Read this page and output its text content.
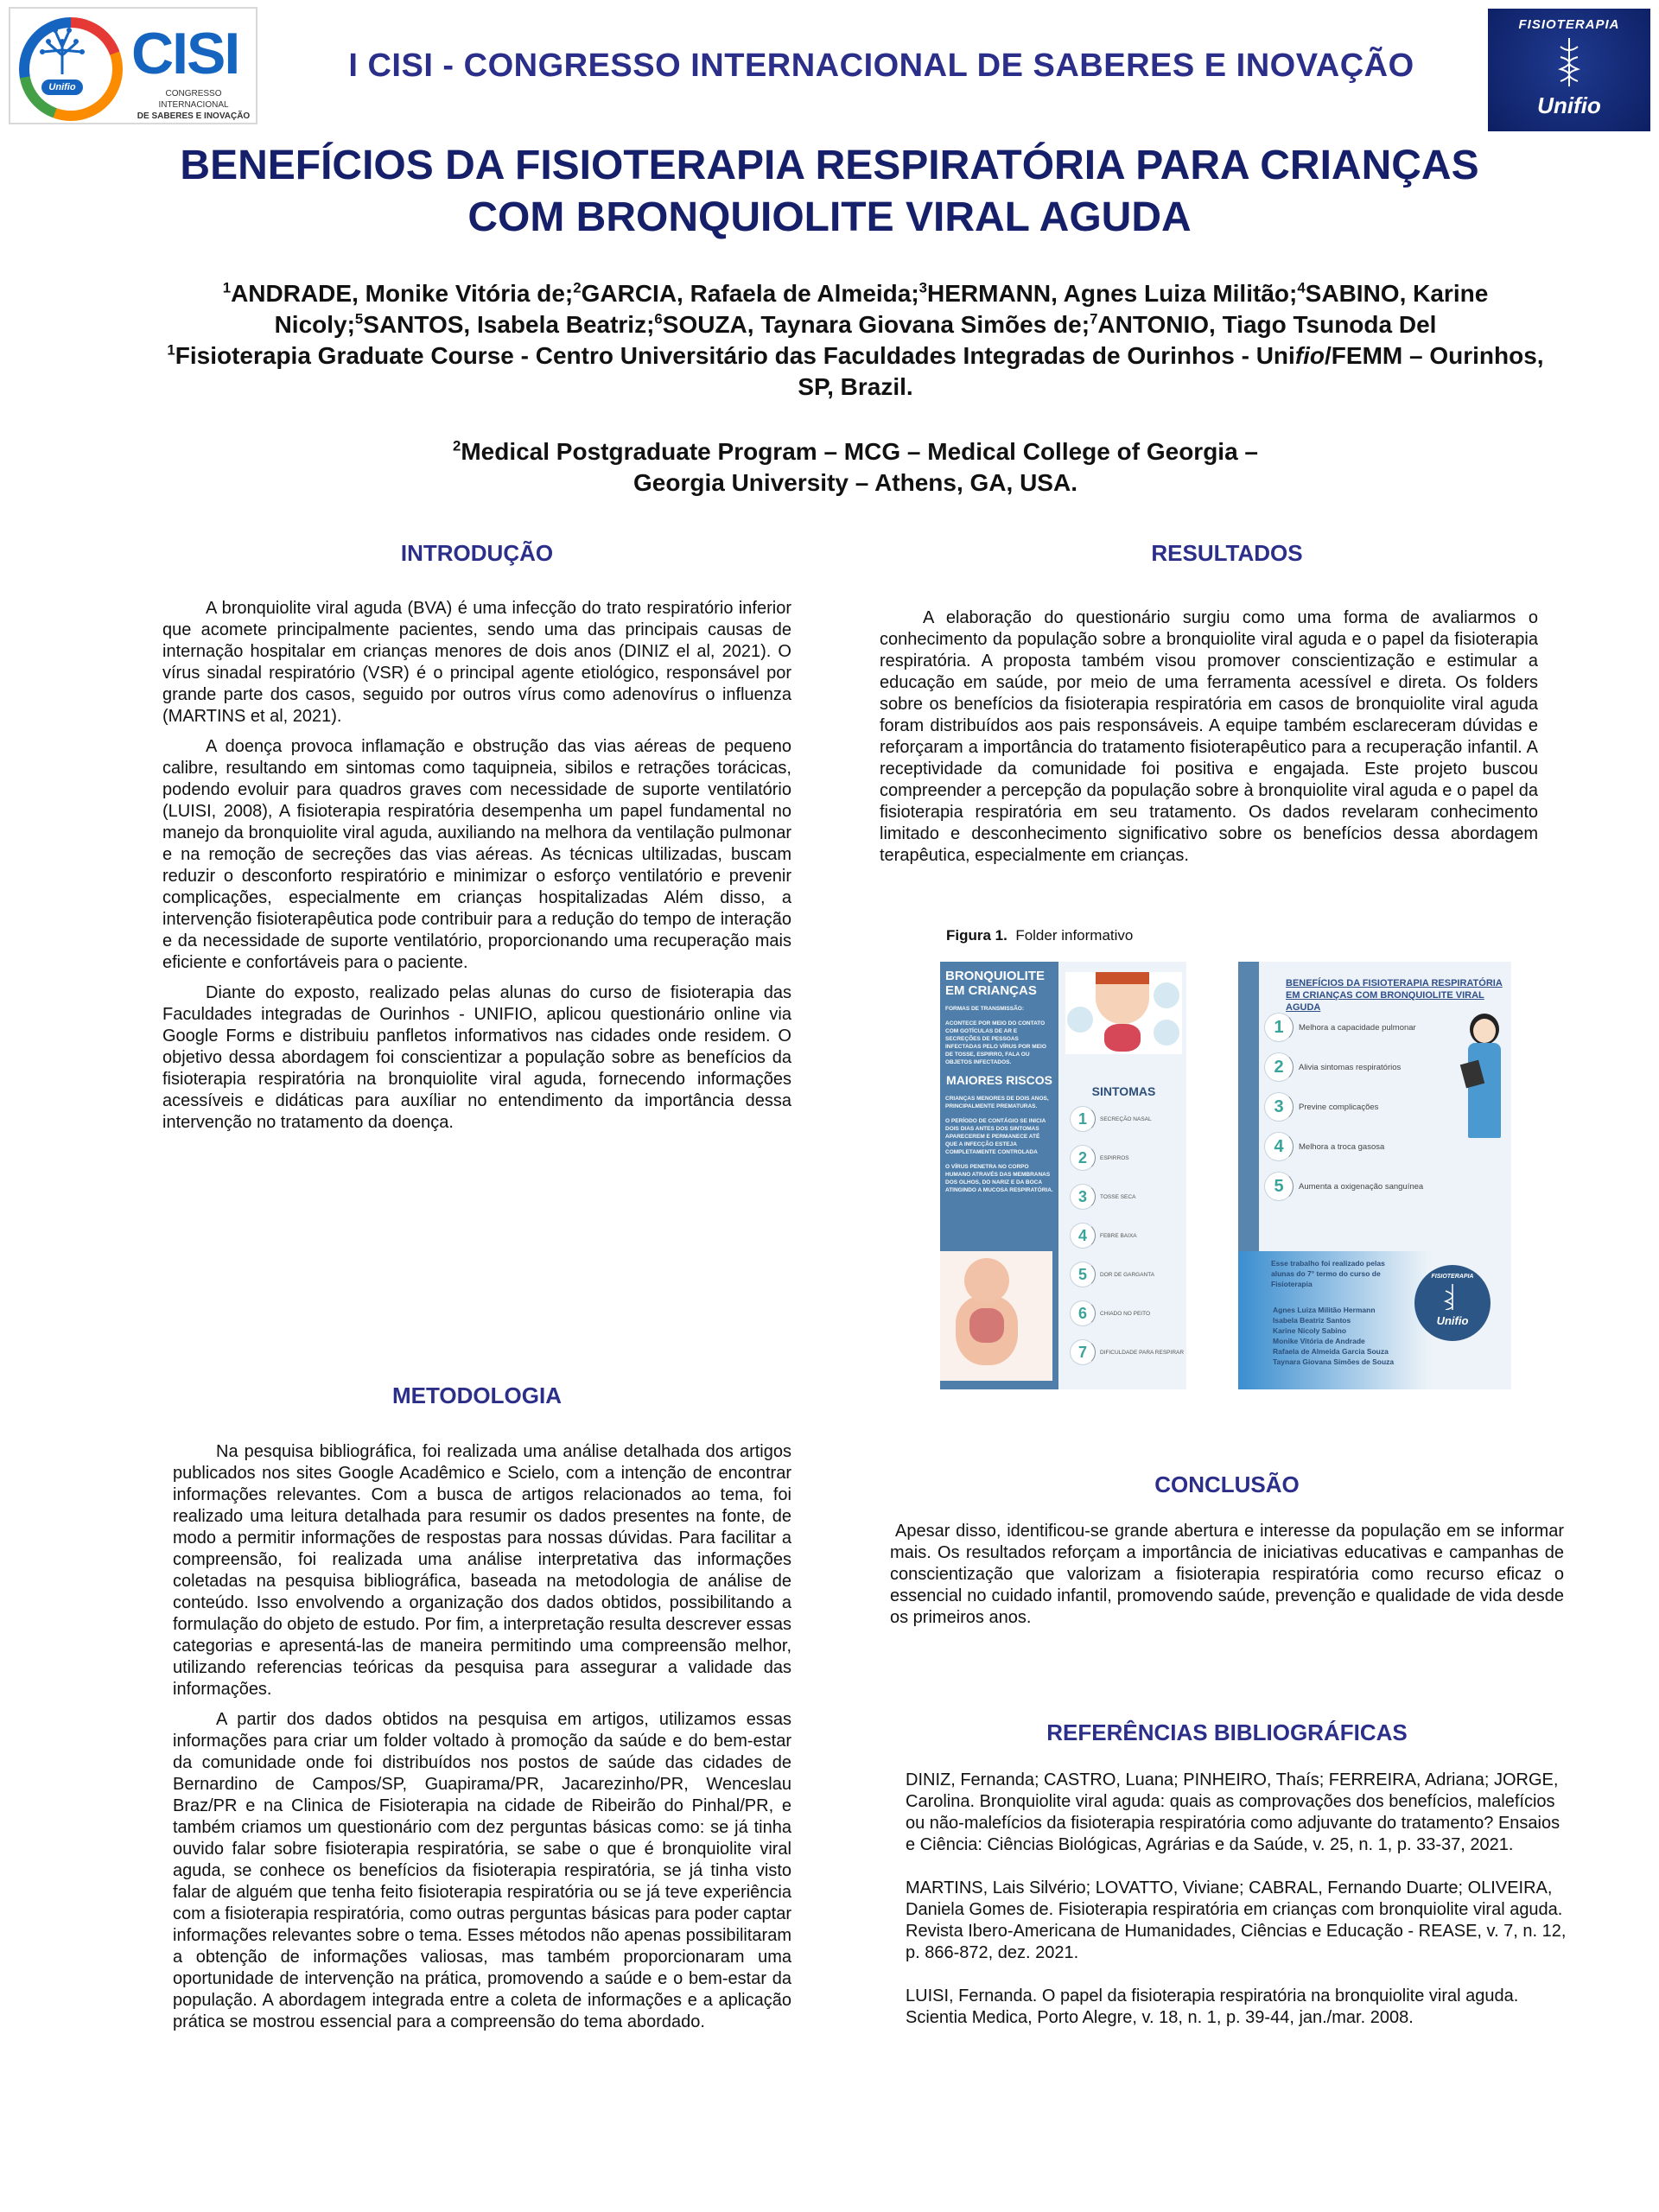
Unifio
CISI
CONGRESSO INTERNACIONAL
DE SABERES E INOVAÇÃO
I CISI - CONGRESSO INTERNACIONAL DE SABERES E INOVAÇÃO
FISIOTERAPIA
Unifio
BENEFÍCIOS DA FISIOTERAPIA RESPIRATÓRIA PARA CRIANÇAS
COM BRONQUIOLITE VIRAL AGUDA
$^1$ANDRADE, Monike Vitória de;$^2$GARCIA, Rafaela de Almeida;$^3$HERMANN, Agnes Luiza Militão;$^4$SABINO, Karine Nicoly;$^5$SANTOS, Isabela Beatriz;$^6$SOUZA, Taynara Giovana Simões de;$^7$ANTONIO, Tiago Tsunoda Del
$^1$Fisioterapia Graduate Course - Centro Universitário das Faculdades Integradas de Ourinhos - Unifio/FEMM – Ourinhos, SP, Brazil.
$^2$Medical Postgraduate Program – MCG – Medical College of Georgia –
Georgia University – Athens, GA, USA.
INTRODUÇÃO

A bronquiolite viral aguda (BVA) é uma infecção do trato respiratório inferior que acomete principalmente pacientes, sendo uma das principais causas de internação hospitalar em crianças menores de dois anos (DINIZ el al, 2021). O vírus sinadal respiratório (VSR) é o principal agente etiológico, responsável por grande parte dos casos, seguido por outros vírus como adenovírus o influenza (MARTINS et al, 2021).

A doença provoca inflamação e obstrução das vias aéreas de pequeno calibre, resultando em sintomas como taquipneia, sibilos e retrações torácicas, podendo evoluir para quadros graves com necessidade de suporte ventilatório (LUISI, 2008), A fisioterapia respiratória desempenha um papel fundamental no manejo da bronquiolite viral aguda, auxiliando na melhora da ventilação pulmonar e na remoção de secreções das vias aéreas. As técnicas ultilizadas, buscam reduzir o desconforto respiratório e minimizar o esforço ventilatório e prevenir complicações, especialmente em crianças hospitalizadas Além disso, a intervenção fisioterapêutica pode contribuir para a redução do tempo de interação e da necessidade de suporte ventilatório, proporcionando uma recuperação mais eficiente e confortáveis para o paciente.

Diante do exposto, realizado pelas alunas do curso de fisioterapia das Faculdades integradas de Ourinhos - UNIFIO, aplicou questionário online via Google Forms e distribuiu panfletos informativos nas cidades onde residem. O objetivo dessa abordagem foi conscientizar a população sobre as benefícios da fisioterapia respiratória na bronquiolite viral aguda, fornecendo informações acessíveis e didáticas para auxíliar no entendimento da importância dessa intervenção no tratamento da doença.

RESULTADOS

A elaboração do questionário surgiu como uma forma de avaliarmos o conhecimento da população sobre a bronquiolite viral aguda e o papel da fisioterapia respiratória. A proposta também visou promover conscientização e estimular a educação em saúde, por meio de uma ferramenta acessível e direta. Os folders sobre os benefícios da fisioterapia respiratória em casos de bronquiolite viral aguda foram distribuídos aos pais responsáveis. A equipe também esclareceram dúvidas e reforçaram a importância do tratamento fisioterapêutico para a recuperação infantil. A receptividade da comunidade foi positiva e engajada. Este projeto buscou compreender a percepção da população sobre à bronquiolite viral aguda e o papel da fisioterapia respiratória em seu tratamento. Os dados revelaram conhecimento limitado e desconhecimento significativo sobre os benefícios dessa abordagem terapêutica, especialmente em crianças.

Figura 1. Folder informativo
BRONQUIOLITE
EM CRIANÇAS
FORMAS DE TRANSMISSÃO:
ACONTECE POR MEIO DO CONTATO COM GOTÍCULAS DE AR E SECREÇÕES DE PESSOAS INFECTADAS PELO VÍRUS POR MEIO DE TOSSE, ESPIRRO, FALA OU OBJETOS INFECTADOS.
MAIORES RISCOS
CRIANÇAS MENORES DE DOIS ANOS, PRINCIPALMENTE PREMATURAS.
O PERÍODO DE CONTÁGIO SE INICIA DOIS DIAS ANTES DOS SINTOMAS APARECEREM E PERMANECE ATÉ QUE A INFECÇÃO ESTEJA COMPLETAMENTE CONTROLADA
O VÍRUS PENETRA NO CORPO HUMANO ATRAVÉS DAS MEMBRANAS DOS OLHOS, DO NARIZ E DA BOCA ATINGINDO A MUCOSA RESPIRATÓRIA.
SINTOMAS
1	SECREÇÃO NASAL
2	ESPIRROS
3	TOSSE SECA
4	FEBRE BAIXA
5	DOR DE GARGANTA
6	CHIADO NO PEITO
7	DIFICULDADE PARA RESPIRAR
BENEFÍCIOS DA FISIOTERAPIA RESPIRATÓRIA EM CRIANÇAS COM BRONQUIOLITE VIRAL AGUDA
1	Melhora a capacidade pulmonar
2	Alivia sintomas respiratórios
3	Previne complicações
4	Melhora a troca gasosa
5	Aumenta a oxigenação sanguínea
Esse trabalho foi realizado pelas alunas do 7° termo do curso de Fisioterapia
Agnes Luiza Militão Hermann
Isabela Beatriz Santos
Karine Nicoly Sabino
Monike Vitória de Andrade
Rafaela de Almeida Garcia Souza
Taynara Giovana Simões de Souza
FISIOTERAPIA
Unifio
METODOLOGIA

Na pesquisa bibliográfica, foi realizada uma análise detalhada dos artigos publicados nos sites Google Acadêmico e Scielo, com a intenção de encontrar informações relevantes. Com a busca de artigos relacionados ao tema, foi realizado uma leitura detalhada para resumir os dados presentes na fonte, de modo a permitir informações de respostas para nossas dúvidas. Para facilitar a compreensão, foi realizada uma análise interpretativa das informações coletadas na pesquisa bibliográfica, baseada na metodologia de análise de conteúdo. Isso envolvendo a organização dos dados obtidos, possibilitando a formulação do objeto de estudo. Por fim, a interpretação resulta descrever essas categorias e apresentá-las de maneira permitindo uma compreensão melhor, utilizando referencias teóricas da pesquisa para assegurar a validade das informações.

A partir dos dados obtidos na pesquisa em artigos, utilizamos essas informações para criar um folder voltado à promoção da saúde e do bem-estar da comunidade onde foi distribuídos nos postos de saúde das cidades de Bernardino de Campos/SP, Guapirama/PR, Jacarezinho/PR, Wenceslau Braz/PR e na Clinica de Fisioterapia na cidade de Ribeirão do Pinhal/PR, e também criamos um questionário com dez perguntas básicas como: se já tinha ouvido falar sobre fisioterapia respiratória, se sabe o que é bronquiolite viral aguda, se conhece os benefícios da fisioterapia respiratória, se já tinha visto falar de alguém que tenha feito fisioterapia respiratória ou se já teve experiência com a fisioterapia respiratória, como outras perguntas básicas para poder captar informações relevantes sobre o tema. Esses métodos não apenas possibilitaram a obtenção de informações valiosas, mas também proporcionaram uma oportunidade de intervenção na prática, promovendo a saúde e o bem-estar da população. A abordagem integrada entre a coleta de informações e a aplicação prática se mostrou essencial para a compreensão do tema abordado.

CONCLUSÃO

Apesar disso, identificou-se grande abertura e interesse da população em se informar mais. Os resultados reforçam a importância de iniciativas educativas e campanhas de conscientização que valorizam a fisioterapia respiratória como recurso eficaz o essencial no cuidado infantil, promovendo saúde, prevenção e qualidade de vida desde os primeiros anos.

REFERÊNCIAS BIBLIOGRÁFICAS

DINIZ, Fernanda; CASTRO, Luana; PINHEIRO, Thaís; FERREIRA, Adriana; JORGE, Carolina. Bronquiolite viral aguda: quais as comprovações dos benefícios, malefícios ou não-malefícios da fisioterapia respiratória como adjuvante do tratamento? Ensaios e Ciência: Ciências Biológicas, Agrárias e da Saúde, v. 25, n. 1, p. 33-37, 2021.

MARTINS, Lais Silvério; LOVATTO, Viviane; CABRAL, Fernando Duarte; OLIVEIRA, Daniela Gomes de. Fisioterapia respiratória em crianças com bronquiolite viral aguda. Revista Ibero-Americana de Humanidades, Ciências e Educação - REASE, v. 7, n. 12, p. 866-872, dez. 2021.

LUISI, Fernanda. O papel da fisioterapia respiratória na bronquiolite viral aguda. Scientia Medica, Porto Alegre, v. 18, n. 1, p. 39-44, jan./mar. 2008.
